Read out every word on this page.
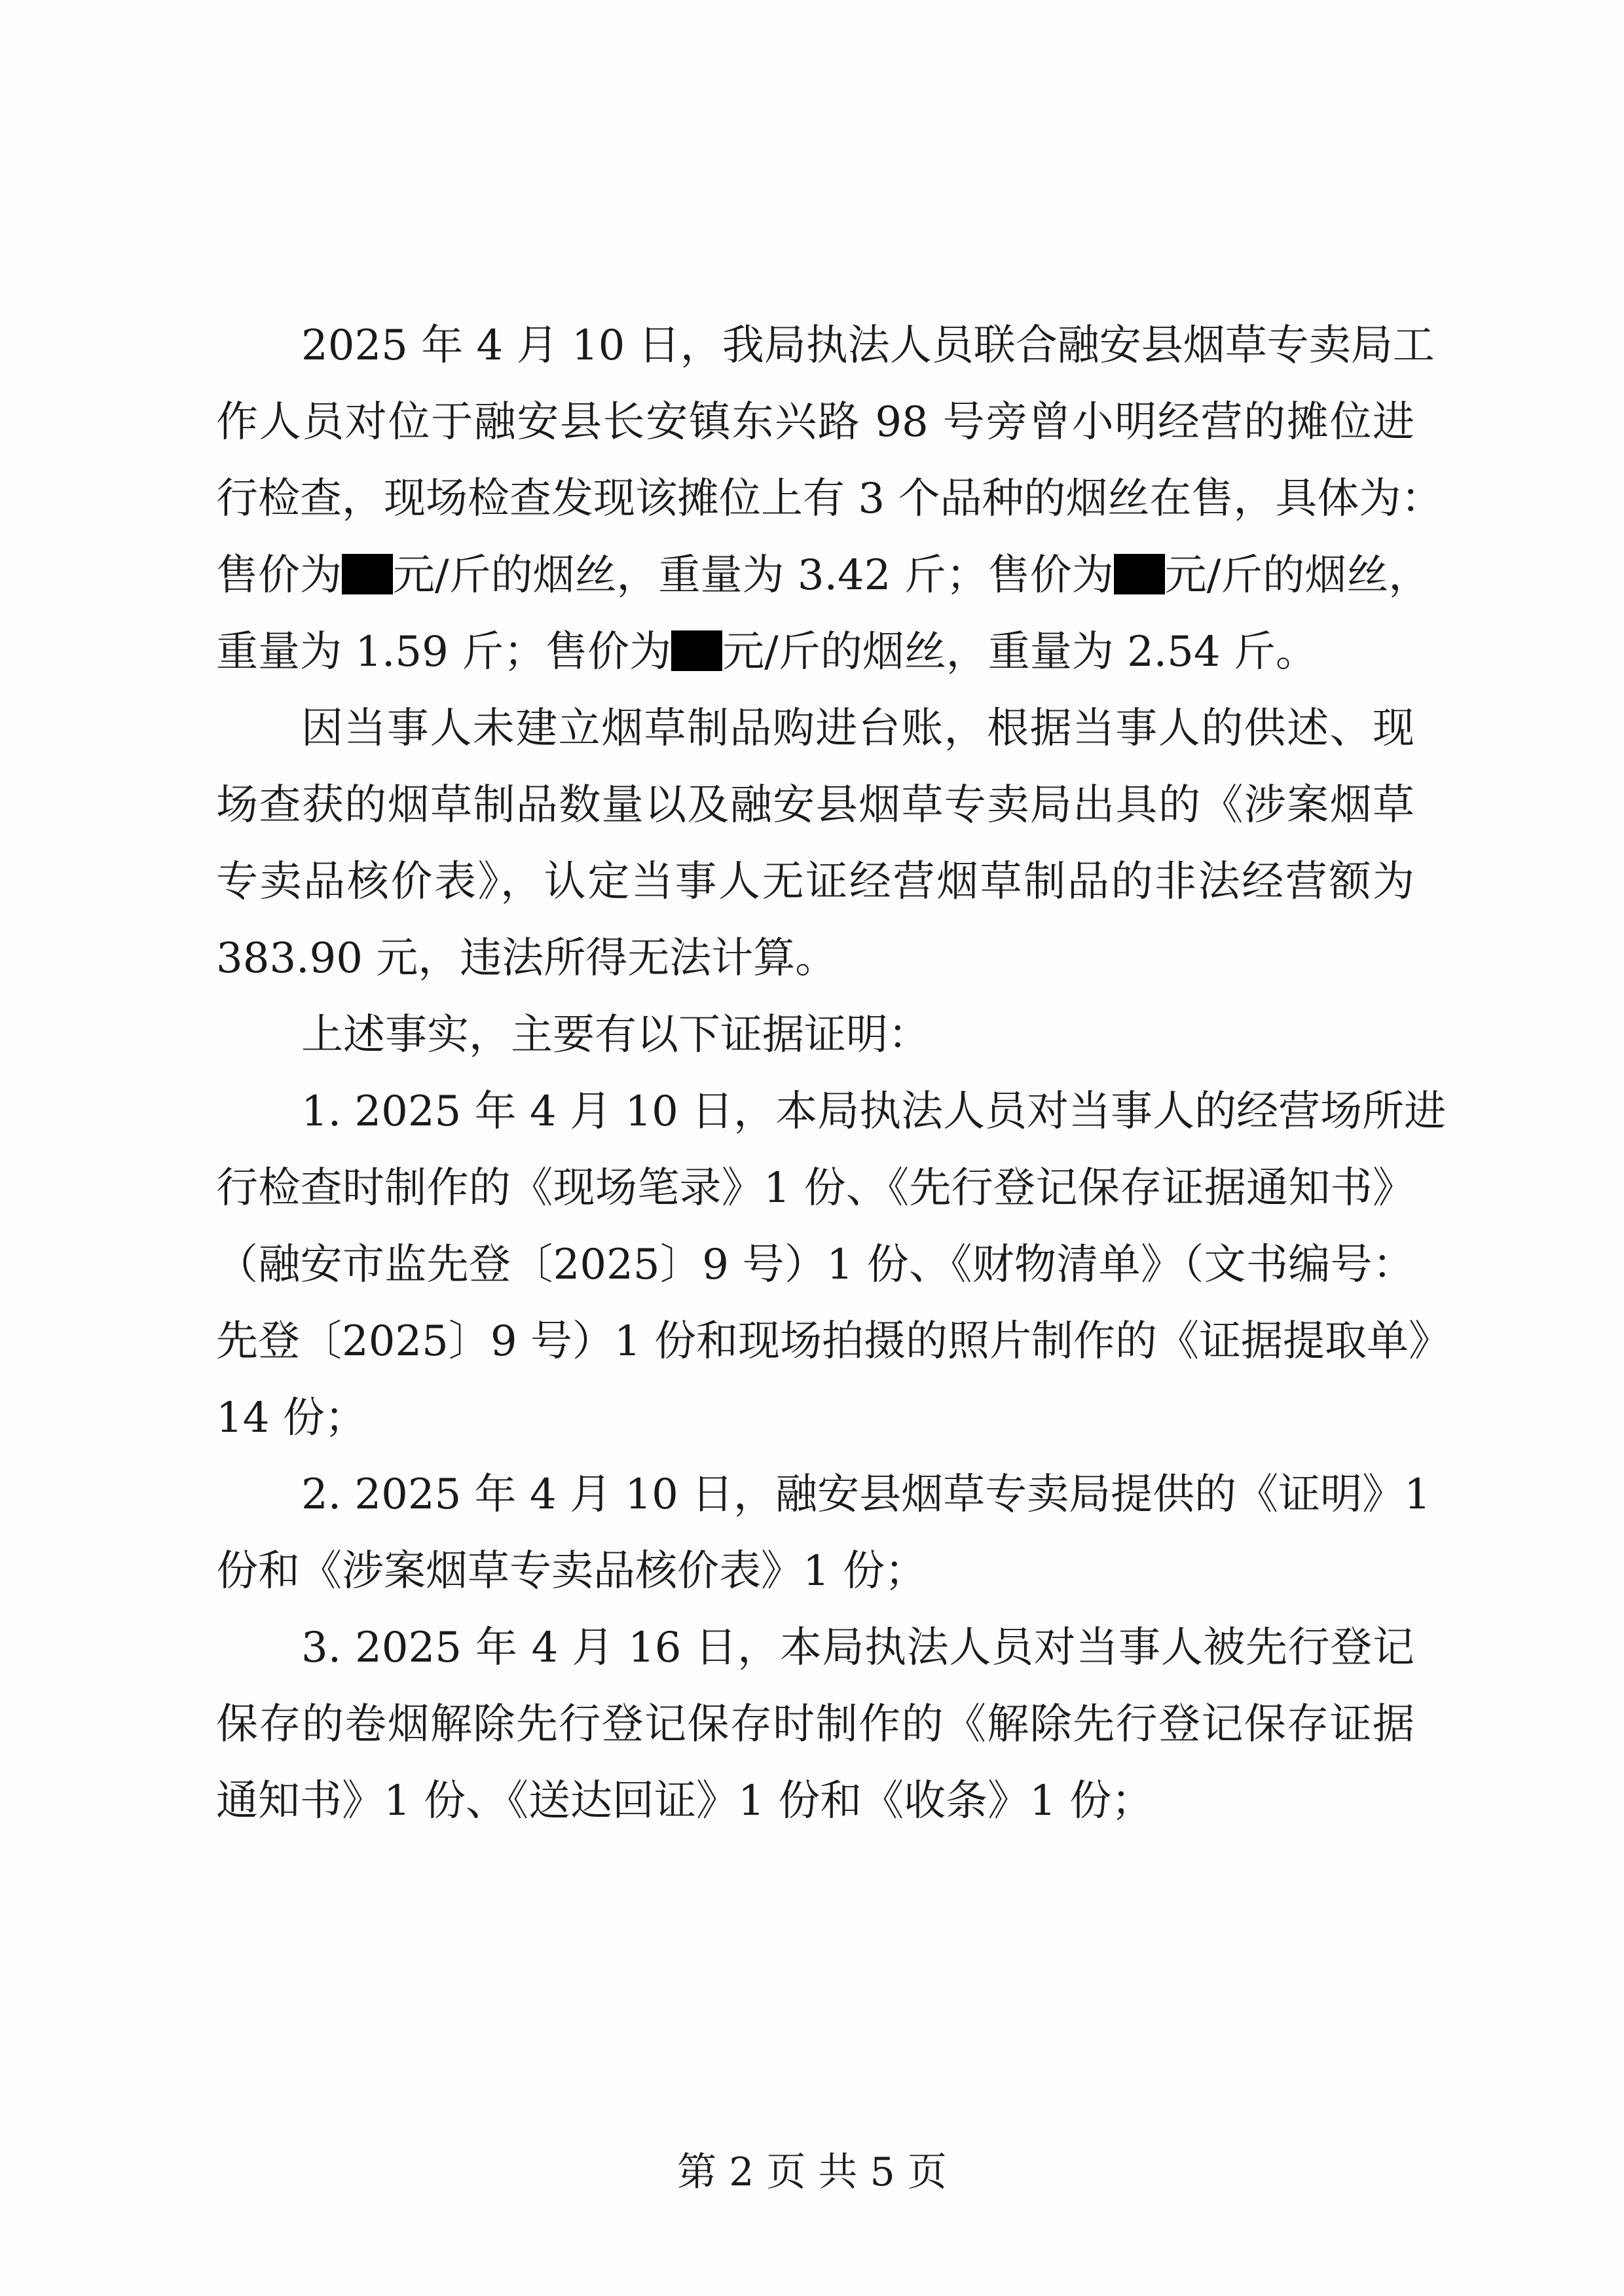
2025 年 4 月 10 日，我局执法人员联合融安县烟草专卖局工
作人员对位于融安县长安镇东兴路 98 号旁曾小明经营的摊位进
行检查，现场检查发现该摊位上有 3 个品种的烟丝在售，具体为：
售价为 元/斤的烟丝，重量为 3.42 斤；售价为 元/斤的烟丝，
重量为 1.59 斤；售价为 元/斤的烟丝，重量为 2.54 斤。
因当事人未建立烟草制品购进台账，根据当事人的供述、现
场查获的烟草制品数量以及融安县烟草专卖局出具的《涉案烟草
专卖品核价表》，认定当事人无证经营烟草制品的非法经营额为
383.90 元，违法所得无法计算。
上述事实，主要有以下证据证明：
1. 2025 年 4 月 10 日，本局执法人员对当事人的经营场所进
行检查时制作的《现场笔录》1 份、《先行登记保存证据通知书》
（融安市监先登〔2025〕9 号）1 份、《财物清单》（文书编号：
先登〔2025〕9 号）1 份和现场拍摄的照片制作的《证据提取单》
14 份；
2. 2025 年 4 月 10 日，融安县烟草专卖局提供的《证明》1
份和《涉案烟草专卖品核价表》1 份；
3. 2025 年 4 月 16 日，本局执法人员对当事人被先行登记
保存的卷烟解除先行登记保存时制作的《解除先行登记保存证据
通知书》1 份、《送达回证》1 份和《收条》1 份；
第 2 页 共 5 页
